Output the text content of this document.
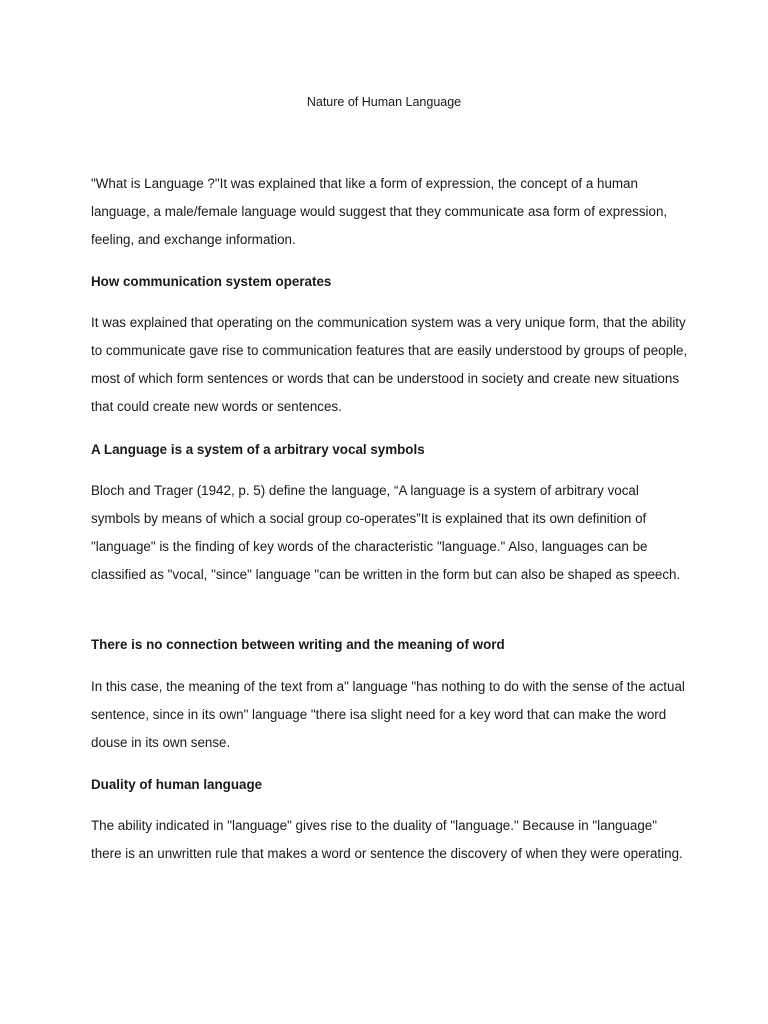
Nature of Human Language

"What is Language ?"It was explained that like a form of expression, the concept of a human language, a male/female language would suggest that they communicate asa form of expression, feeling, and exchange information.

How communication system operates

It was explained that operating on the communication system was a very unique form, that the ability to communicate gave rise to communication features that are easily understood by groups of people, most of which form sentences or words that can be understood in society and create new situations that could create new words or sentences.

A Language is a system of a arbitrary vocal symbols

Bloch and Trager (1942, p. 5) define the language, “A language is a system of arbitrary vocal symbols by means of which a social group co-operates”It is explained that its own definition of "language" is the finding of key words of the characteristic "language." Also, languages can be classified as "vocal, "since" language "can be written in the form but can also be shaped as speech.

There is no connection between writing and the meaning of word

In this case, the meaning of the text from a" language "has nothing to do with the sense of the actual sentence, since in its own" language "there isa slight need for a key word that can make the word douse in its own sense.

Duality of human language

The ability indicated in "language" gives rise to the duality of "language." Because in "language" there is an unwritten rule that makes a word or sentence the discovery of when they were operating.
